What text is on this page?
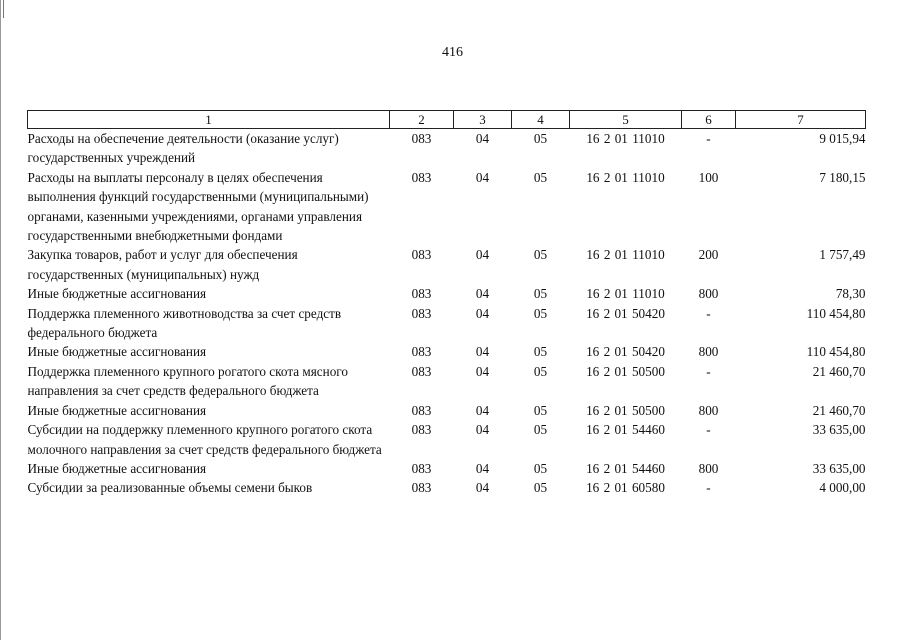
416
1	2	3	4	5	6	7
Расходы на обеспечение деятельности (оказание услуг) государственных учреждений	083	04	05	16 2 01 11010	-	9 015,94
Расходы на выплаты персоналу в целях обеспечения выполнения функций государственными (муниципальными) органами, казенными учреждениями, органами управления государственными внебюджетными фондами	083	04	05	16 2 01 11010	100	7 180,15
Закупка товаров, работ и услуг для обеспечения государственных (муниципальных) нужд	083	04	05	16 2 01 11010	200	1 757,49
Иные бюджетные ассигнования	083	04	05	16 2 01 11010	800	78,30
Поддержка племенного животноводства за счет средств федерального бюджета	083	04	05	16 2 01 50420	-	110 454,80
Иные бюджетные ассигнования	083	04	05	16 2 01 50420	800	110 454,80
Поддержка племенного крупного рогатого скота мясного направления за счет средств федерального бюджета	083	04	05	16 2 01 50500	-	21 460,70
Иные бюджетные ассигнования	083	04	05	16 2 01 50500	800	21 460,70
Субсидии на поддержку племенного крупного рогатого скота молочного направления за счет средств федерального бюджета	083	04	05	16 2 01 54460	-	33 635,00
Иные бюджетные ассигнования	083	04	05	16 2 01 54460	800	33 635,00
Субсидии за реализованные объемы семени быков	083	04	05	16 2 01 60580	-	4 000,00
